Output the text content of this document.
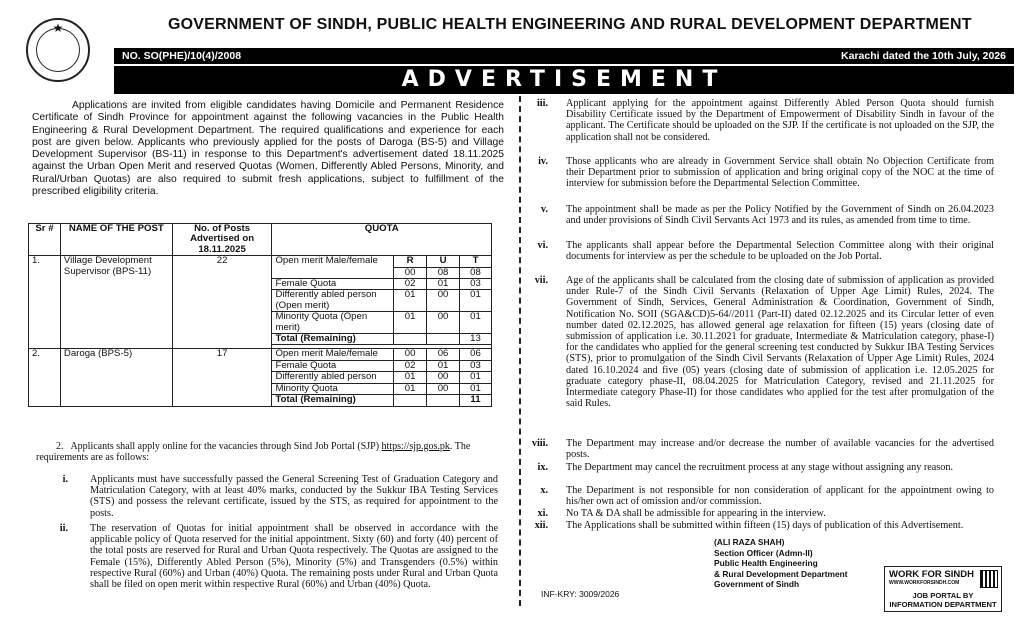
★	GOVERNMENT OF SINDH, PUBLIC HEALTH ENGINEERING AND RURAL DEVELOPMENT DEPARTMENT
NO. SO(PHE)/10(4)/2008	Karachi dated the 10th July, 2026
ADVERTISEMENT
Applications are invited from eligible candidates having Domicile and Permanent Residence Certificate of Sindh Province for appointment against the following vacancies in the Public Health Engineering & Rural Development Department. The required qualifications and experience for each post are given below. Applicants who previously applied for the posts of Daroga (BS-5) and Village Development Supervisor (BS-11) in response to this Department's advertisement dated 18.11.2025 against the Urban Open Merit and reserved Quotas (Women, Differently Abled Persons, Minority, and Rural/Urban Quotas) are also required to submit fresh applications, subject to fulfillment of the prescribed eligibility criteria.
Sr #	NAME OF THE POST	No. of Posts Advertised on 18.11.2025	QUOTA			
1.	Village Development Supervisor (BPS-11)	22	Open merit Male/female	R	U	T
				00	08	08
			Female Quota	02	01	03
			Differently abled person (Open merit)	01	00	01
			Minority Quota (Open merit)	01	00	01
			Total (Remaining)			13

2.	Daroga (BPS-5)	17	Open merit Male/female	00	06	06
			Female Quota	02	01	03
			Differently abled person	01	00	01
			Minority Quota	01	00	01
			Total (Remaining)			11
2. Applicants shall apply online for the vacancies through Sind Job Portal (SJP) https://sjp.gos.pk. The requirements are as follows:
i. Applicants must have successfully passed the General Screening Test of Graduation Category and Matriculation Category, with at least 40% marks, conducted by the Sukkur IBA Testing Services (STS) and possess the relevant certificate, issued by the STS, as required for appointment to the posts.
ii. The reservation of Quotas for initial appointment shall be observed in accordance with the applicable policy of Quota reserved for the initial appointment. Sixty (60) and forty (40) percent of the total posts are reserved for Rural and Urban Quota respectively. The Quotas are assigned to the Female (15%), Differently Abled Person (5%), Minority (5%) and Transgenders (0.5%) within respective Rural (60%) and Urban (40%) Quota. The remaining posts under Rural and Urban Quota shall be filed on open merit within respective Rural (60%) and Urban (40%) Quota.
iii. Applicant applying for the appointment against Differently Abled Person Quota should furnish Disability Certificate issued by the Department of Empowerment of Disability Sindh in favour of the applicant. The Certificate should be uploaded on the SJP. If the certificate is not uploaded on the SJP, the application shall not be considered.
iv. Those applicants who are already in Government Service shall obtain No Objection Certificate from their Department prior to submission of application and bring original copy of the NOC at the time of interview for submission before the Departmental Selection Committee.
v. The appointment shall be made as per the Policy Notified by the Government of Sindh on 26.04.2023 and under provisions of Sindh Civil Servants Act 1973 and its rules, as amended from time to time.
vi. The applicants shall appear before the Departmental Selection Committee along with their original documents for interview as per the schedule to be uploaded on the Job Portal.
vii. Age of the applicants shall be calculated from the closing date of submission of application as provided under Rule-7 of the Sindh Civil Servants (Relaxation of Upper Age Limit) Rules, 2024. The Government of Sindh, Services, General Administration & Coordination, Government of Sindh, Notification No. SOII (SGA&CD)5-64//2011 (Part-II) dated 02.12.2025 and its Circular letter of even number dated 02.12.2025, has allowed general age relaxation for fifteen (15) years (closing date of submission of application i.e. 30.11.2021 for graduate, Intermediate & Matriculation category, phase-I) for the candidates who applied for the general screening test conducted by Sukkur IBA Testing Services (STS), prior to promulgation of the Sindh Civil Servants (Relaxation of Upper Age Limit) Rules, 2024 dated 16.10.2024 and five (05) years (closing date of submission of application i.e. 12.05.2025 for graduate category phase-II, 08.04.2025 for Matriculation Category, revised and 21.11.2025 for Intermediate category Phase-II) for those candidates who applied for the test after promulgation of the said Rules.
viii. The Department may increase and/or decrease the number of available vacancies for the advertised posts.
ix. The Department may cancel the recruitment process at any stage without assigning any reason.
x. The Department is not responsible for non consideration of applicant for the appointment owing to his/her own act of omission and/or commission.
xi. No TA & DA shall be admissible for appearing in the interview.
xii. The Applications shall be submitted within fifteen (15) days of publication of this Advertisement.
(ALI RAZA SHAH)
Section Officer (Admn-II)
Public Health Engineering
& Rural Development Department
Government of Sindh
INF-KRY: 3009/2026
WORK FOR SINDH
WWW.WORKFORSINDH.COM
JOB PORTAL BY
INFORMATION DEPARTMENT
